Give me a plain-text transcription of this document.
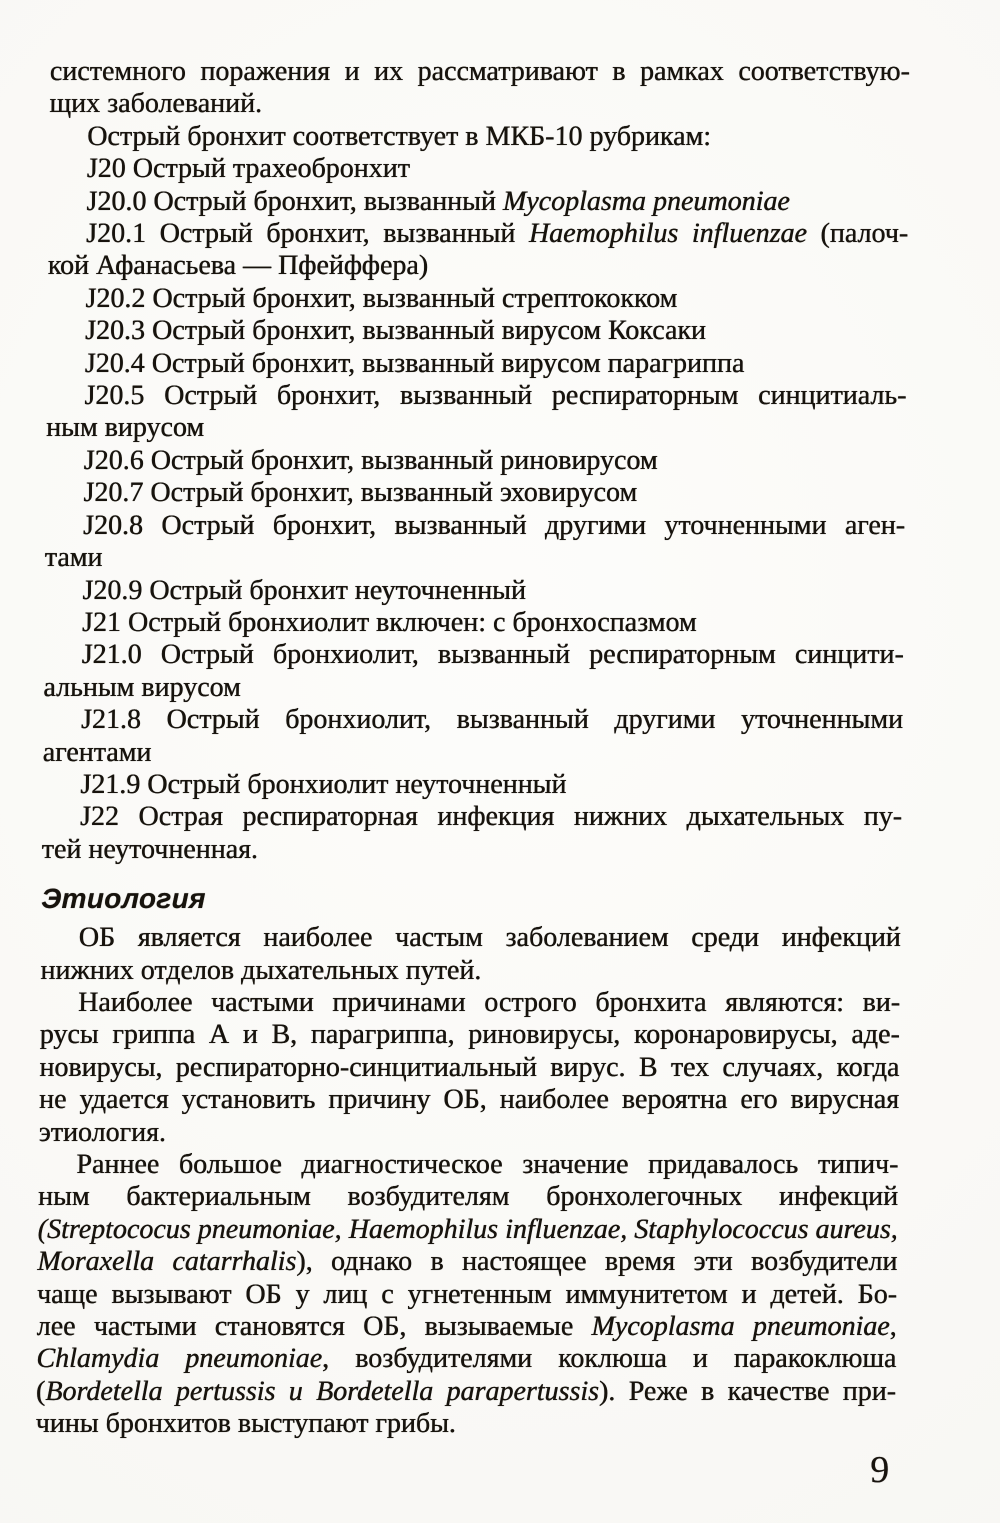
системного поражения и их рассматривают в рамках соответствую-
щих заболеваний.
Острый бронхит соответствует в МКБ-10 рубрикам:
J20 Острый трахеобронхит
J20.0 Острый бронхит, вызванный Mycoplasma pneumoniae
J20.1 Острый бронхит, вызванный Haemophilus influenzae (палоч-
кой Афанасьева — Пфейффера)
J20.2 Острый бронхит, вызванный стрептококком
J20.3 Острый бронхит, вызванный вирусом Коксаки
J20.4 Острый бронхит, вызванный вирусом парагриппа
J20.5 Острый бронхит, вызванный респираторным синцитиаль-
ным вирусом
J20.6 Острый бронхит, вызванный риновирусом
J20.7 Острый бронхит, вызванный эховирусом
J20.8 Острый бронхит, вызванный другими уточненными аген-
тами
J20.9 Острый бронхит неуточненный
J21 Острый бронхиолит включен: с бронхоспазмом
J21.0 Острый бронхиолит, вызванный респираторным синцити-
альным вирусом
J21.8 Острый бронхиолит, вызванный другими уточненными
агентами
J21.9 Острый бронхиолит неуточненный
J22 Острая респираторная инфекция нижних дыхательных пу-
тей неуточненная.
Этиология
ОБ является наиболее частым заболеванием среди инфекций
нижних отделов дыхательных путей.
Наиболее частыми причинами острого бронхита являются: ви-
русы гриппа А и В, парагриппа, риновирусы, коронаровирусы, аде-
новирусы, респираторно-синцитиальный вирус. В тех случаях, когда
не удается установить причину ОБ, наиболее вероятна его вирусная
этиология.
Раннее большое диагностическое значение придавалось типич-
ным бактериальным возбудителям бронхолегочных инфекций
(Streptococus pneumoniae, Haemophilus influenzae, Staphylococcus aureus,
Moraxella catarrhalis), однако в настоящее время эти возбудители
чаще вызывают ОБ у лиц с угнетенным иммунитетом и детей. Бо-
лее частыми становятся ОБ, вызываемые Mycoplasma pneumoniae,
Chlamydia pneumoniae, возбудителями коклюша и паракоклюша
(Bordetella pertussis и Bordetella parapertussis). Реже в качестве при-
чины бронхитов выступают грибы.
9
